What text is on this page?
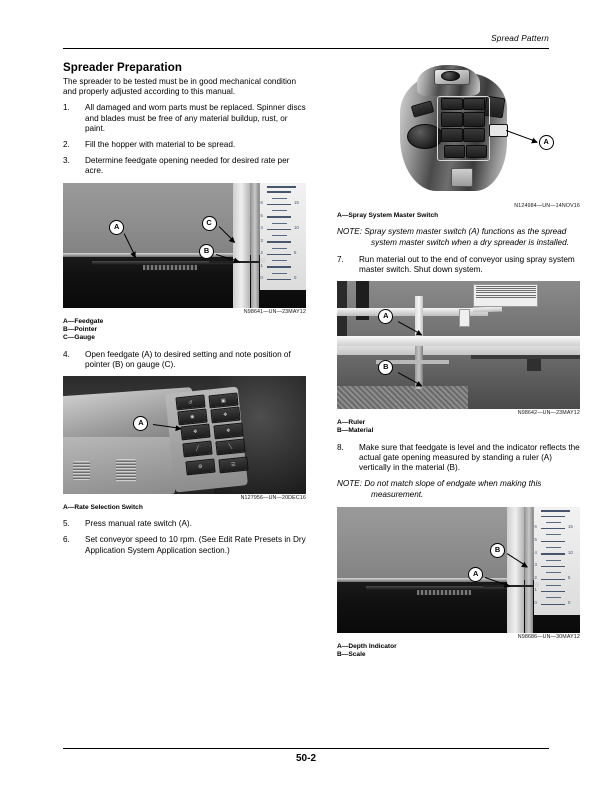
Spread Pattern
Spreader Preparation

The spreader to be tested must be in good mechanical condition and properly adjusted according to this manual.

1.	All damaged and worn parts must be replaced. Spinner discs and blades must be free of any material buildup, rust, or paint.
2.	Fill the hopper with material to be spread.
3.	Determine feedgate opening needed for desired rate per acre.
6
5
4
3
2
1
0
15
10
5
0
A
B
C
N98641—UN—23MAY12
A—Feedgate
B—Pointer
C—Gauge
4.	Open feedgate (A) to desired setting and note position of pointer (B) on gauge (C).
↺	▣
◉	❖
❖	❖
╱	╲
⚙	☰
A
N127956—UN—20DEC16
A—Rate Selection Switch
5.	Press manual rate switch (A).
6.	Set conveyor speed to 10 rpm. (See Edit Rate Presets in Dry Application System Application section.)
A
N124984—UN—14NOV16
A—Spray System Master Switch

NOTE: Spray system master switch (A) functions as the spread system master switch when a dry spreader is installed.

7.	Run material out to the end of conveyor using spray system master switch. Shut down system.
A
B
N98642—UN—23MAY12
A—Ruler
B—Material
8.	Make sure that feedgate is level and the indicator reflects the actual gate opening measured by standing a ruler (A) vertically in the material (B).

NOTE: Do not match slope of endgate when making this measurement.

6
5
4
3
2
1
0
15
10
5
0
B
A
N98686—UN—30MAY12
A—Depth Indicator
B—Scale
50-2
